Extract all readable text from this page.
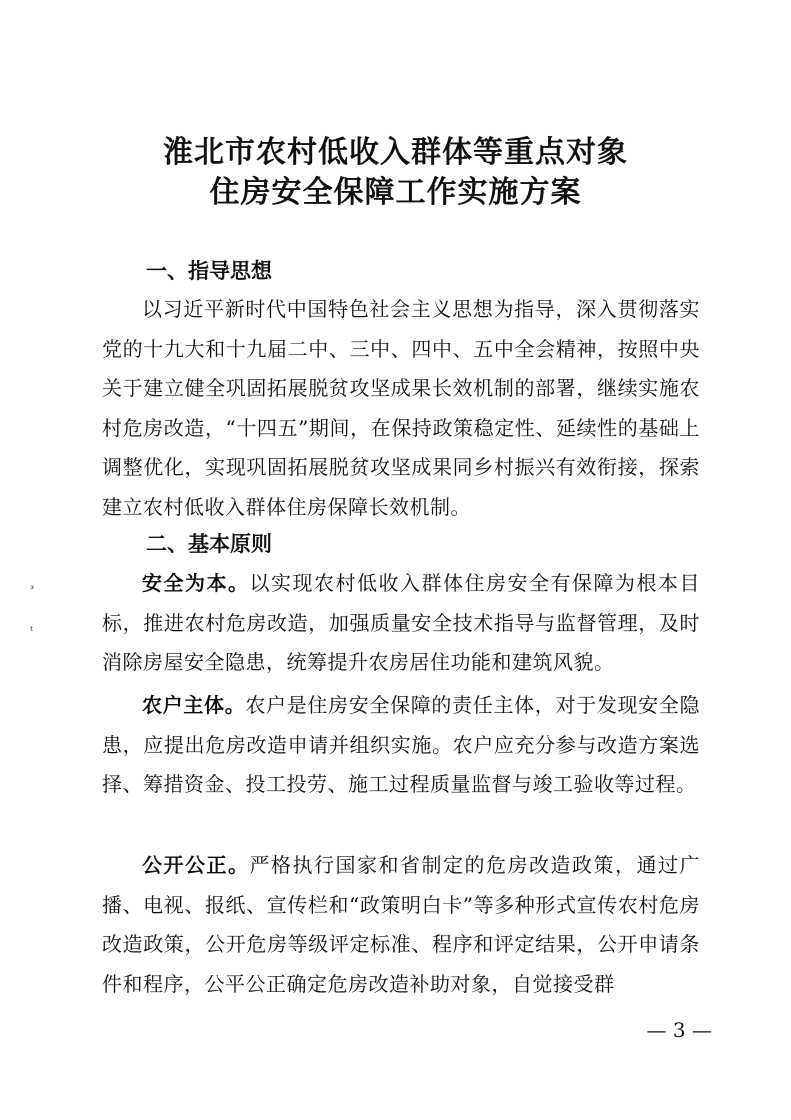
ᵌ
ᵗ
淮北市农村低收入群体等重点对象
住房安全保障工作实施方案
一、指导思想

以习近平新时代中国特色社会主义思想为指导，深入贯彻落实党的十九大和十九届二中、三中、四中、五中全会精神，按照中央关于建立健全巩固拓展脱贫攻坚成果长效机制的部署，继续实施农村危房改造，“十四五”期间，在保持政策稳定性、延续性的基础上调整优化，实现巩固拓展脱贫攻坚成果同乡村振兴有效衔接，探索建立农村低收入群体住房保障长效机制。

二、基本原则

安全为本。以实现农村低收入群体住房安全有保障为根本目标，推进农村危房改造，加强质量安全技术指导与监督管理，及时消除房屋安全隐患，统筹提升农房居住功能和建筑风貌。

农户主体。农户是住房安全保障的责任主体，对于发现安全隐患，应提出危房改造申请并组织实施。农户应充分参与改造方案选择、筹措资金、投工投劳、施工过程质量监督与竣工验收等过程。

公开公正。严格执行国家和省制定的危房改造政策，通过广播、电视、报纸、宣传栏和“政策明白卡”等多种形式宣传农村危房改造政策，公开危房等级评定标准、程序和评定结果，公开申请条件和程序，公平公正确定危房改造补助对象，自觉接受群

— 3 —
